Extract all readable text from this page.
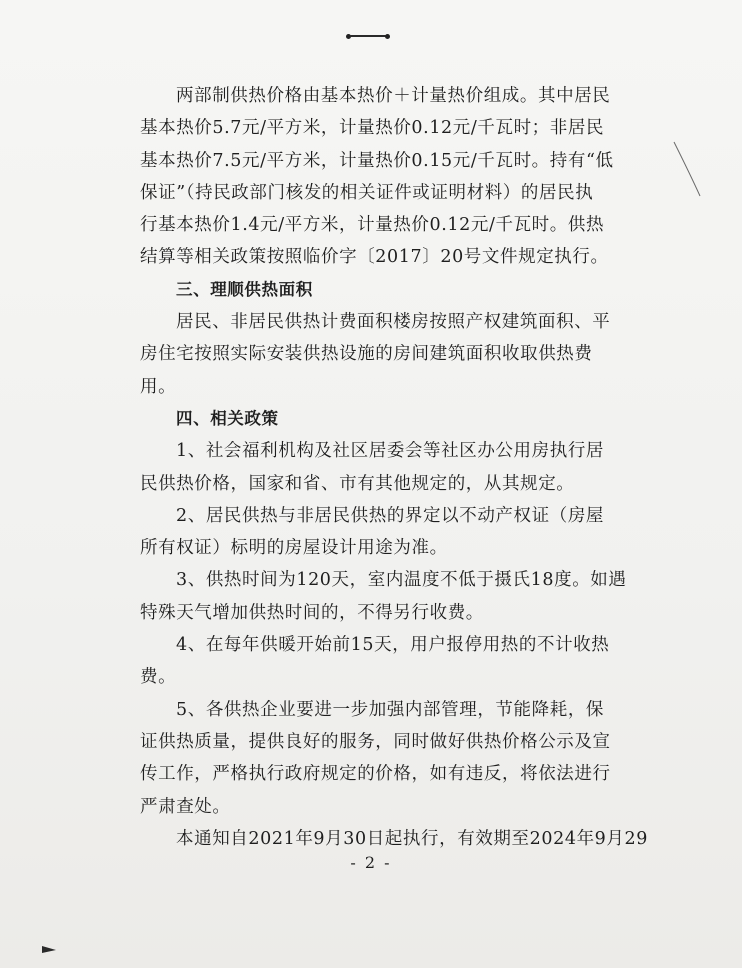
两部制供热价格由基本热价＋计量热价组成。其中居民
基本热价5.7元/平方米，计量热价0.12元/千瓦时；非居民
基本热价7.5元/平方米，计量热价0.15元/千瓦时。持有“低
保证”（持民政部门核发的相关证件或证明材料）的居民执
行基本热价1.4元/平方米，计量热价0.12元/千瓦时。供热
结算等相关政策按照临价字〔2017〕20号文件规定执行。
三、理顺供热面积
居民、非居民供热计费面积楼房按照产权建筑面积、平
房住宅按照实际安装供热设施的房间建筑面积收取供热费
用。
四、相关政策
1、社会福利机构及社区居委会等社区办公用房执行居
民供热价格，国家和省、市有其他规定的，从其规定。
2、居民供热与非居民供热的界定以不动产权证（房屋
所有权证）标明的房屋设计用途为准。
3、供热时间为120天，室内温度不低于摄氏18度。如遇
特殊天气增加供热时间的，不得另行收费。
4、在每年供暖开始前15天，用户报停用热的不计收热
费。
5、各供热企业要进一步加强内部管理，节能降耗，保
证供热质量，提供良好的服务，同时做好供热价格公示及宣
传工作，严格执行政府规定的价格，如有违反，将依法进行
严肃查处。
本通知自2021年9月30日起执行，有效期至2024年9月29
- 2 -
